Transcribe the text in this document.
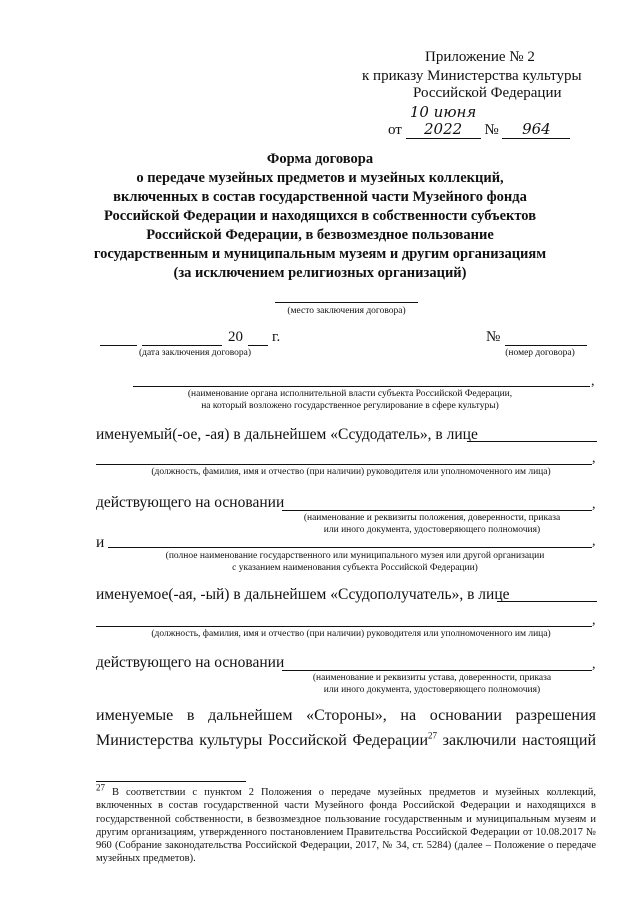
Приложение № 2
к приказу Министерства культуры
Российской Федерации
от 10 июня 2022 № 964
Форма договора
о передаче музейных предметов и музейных коллекций,
включенных в состав государственной части Музейного фонда
Российской Федерации и находящихся в собственности субъектов
Российской Федерации, в безвозмездное пользование
государственным и муниципальным музеям и другим организациям
(за исключением религиозных организаций)
(место заключения договора)
20 г.
(дата заключения договора)
№
(номер договора)
,
(наименование органа исполнительной власти субъекта Российской Федерации,
на который возложено государственное регулирование в сфере культуры)
именуемый(-ое, -ая) в дальнейшем «Ссудодатель», в лице
,
(должность, фамилия, имя и отчество (при наличии) руководителя или уполномоченного им лица)
действующего на основании	,
(наименование и реквизиты положения, доверенности, приказа
или иного документа, удостоверяющего полномочия)
и	,
(полное наименование государственного или муниципального музея или другой организации
с указанием наименования субъекта Российской Федерации)
именуемое(-ая, -ый) в дальнейшем «Ссудополучатель», в лице
,
(должность, фамилия, имя и отчество (при наличии) руководителя или уполномоченного им лица)
действующего на основании	,
(наименование и реквизиты устава, доверенности, приказа
или иного документа, удостоверяющего полномочия)
именуемые в дальнейшем «Стороны», на основании разрешения
Министерства культуры Российской Федерации$^{27}$ заключили настоящий
$^{27}$ В соответствии с пунктом 2 Положения о передаче музейных предметов и музейных коллекций, включенных в состав государственной части Музейного фонда Российской Федерации и находящихся в государственной собственности, в безвозмездное пользование государственным и муниципальным музеям и другим организациям, утвержденного постановлением Правительства Российской Федерации от 10.08.2017 № 960 (Собрание законодательства Российской Федерации, 2017, № 34, ст. 5284) (далее – Положение о передаче музейных предметов).
